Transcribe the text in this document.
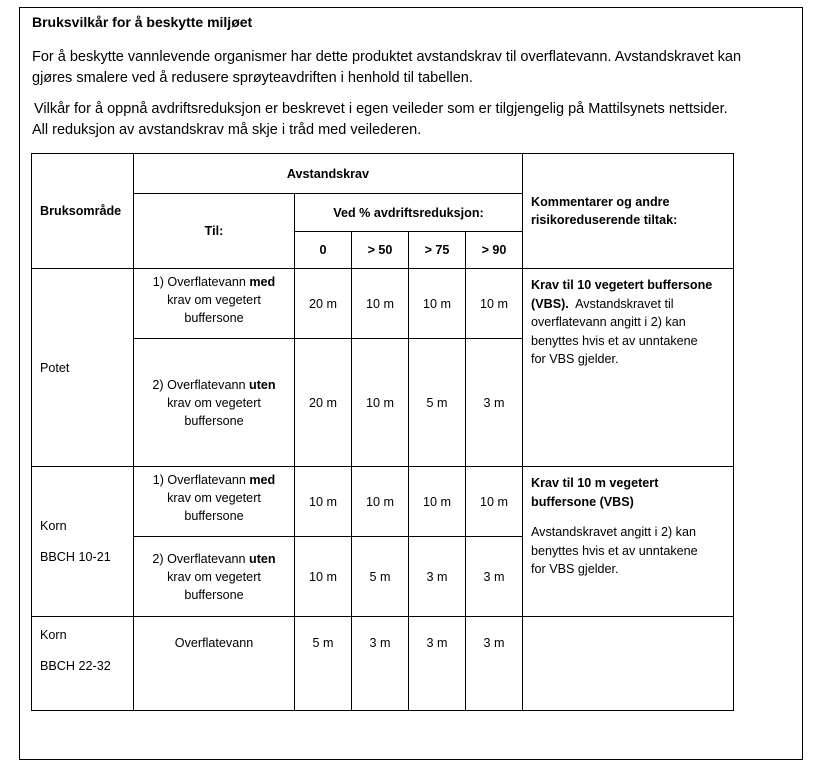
Bruksvilkår for å beskytte miljøet

For å beskytte vannlevende organismer har dette produktet avstandskrav til overflatevann. Avstandskravet kan
gjøres smalere ved å redusere sprøyteavdriften i henhold til tabellen.

Vilkår for å oppnå avdriftsreduksjon er beskrevet i egen veileder som er tilgjengelig på Mattilsynets nettsider.
All reduksjon av avstandskrav må skje i tråd med veilederen.

Bruksområde	Avstandskrav					Kommentarer og andre
risikoreduserende tiltak:
	Til:	Ved % avdriftsreduksjon:				
		0	> 50	> 75	> 90	
Potet	1) Overflatevann med
krav om vegetert
buffersone	20 m	10 m	10 m	10 m	Krav til 10 vegetert buffersone
(VBS).  Avstandskravet til
overflatevann angitt i 2) kan
benyttes hvis et av unntakene
for VBS gjelder.
	2) Overflatevann uten
krav om vegetert
buffersone	20 m	10 m	5 m	3 m	
Korn
BBCH 10-21	1) Overflatevann med
krav om vegetert
buffersone	10 m	10 m	10 m	10 m	Krav til 10 m vegetert
buffersone (VBS)

Avstandskravet angitt i 2) kan
benyttes hvis et av unntakene
for VBS gjelder.
	2) Overflatevann uten
krav om vegetert
buffersone	10 m	5 m	3 m	3 m	
Korn
BBCH 22-32	Overflatevann	5 m	3 m	3 m	3 m	
